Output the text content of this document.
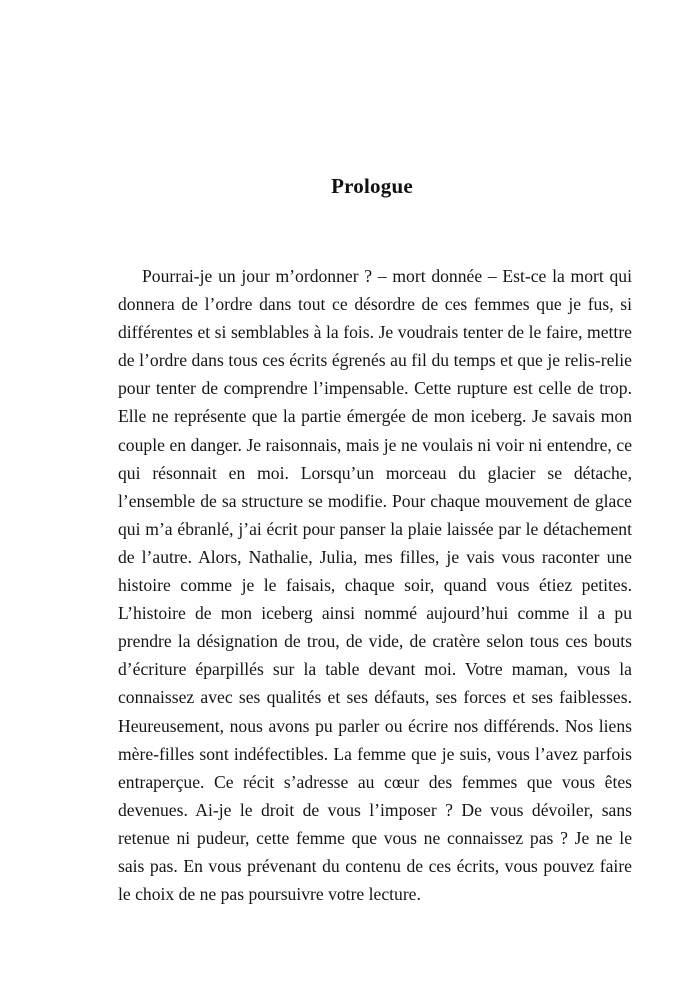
Prologue

Pourrai-je un jour m’ordonner ? – mort donnée – Est-ce la mort qui donnera de l’ordre dans tout ce désordre de ces femmes que je fus, si différentes et si semblables à la fois. Je voudrais tenter de le faire, mettre de l’ordre dans tous ces écrits égrenés au fil du temps et que je relis-relie pour tenter de comprendre l’impensable. Cette rupture est celle de trop. Elle ne représente que la partie émergée de mon iceberg. Je savais mon couple en danger. Je raisonnais, mais je ne voulais ni voir ni entendre, ce qui résonnait en moi. Lorsqu’un morceau du glacier se détache, l’ensemble de sa structure se modifie. Pour chaque mouvement de glace qui m’a ébranlé, j’ai écrit pour panser la plaie laissée par le détachement de l’autre. Alors, Nathalie, Julia, mes filles, je vais vous raconter une histoire comme je le faisais, chaque soir, quand vous étiez petites. L’histoire de mon iceberg ainsi nommé aujourd’hui comme il a pu prendre la désignation de trou, de vide, de cratère selon tous ces bouts d’écriture éparpillés sur la table devant moi. Votre maman, vous la connaissez avec ses qualités et ses défauts, ses forces et ses faiblesses. Heureusement, nous avons pu parler ou écrire nos différends. Nos liens mère-filles sont indéfectibles. La femme que je suis, vous l’avez parfois entraperçue. Ce récit s’adresse au cœur des femmes que vous êtes devenues. Ai-je le droit de vous l’imposer ? De vous dévoiler, sans retenue ni pudeur, cette femme que vous ne connaissez pas ? Je ne le sais pas. En vous prévenant du contenu de ces écrits, vous pouvez faire le choix de ne pas poursuivre votre lecture.
